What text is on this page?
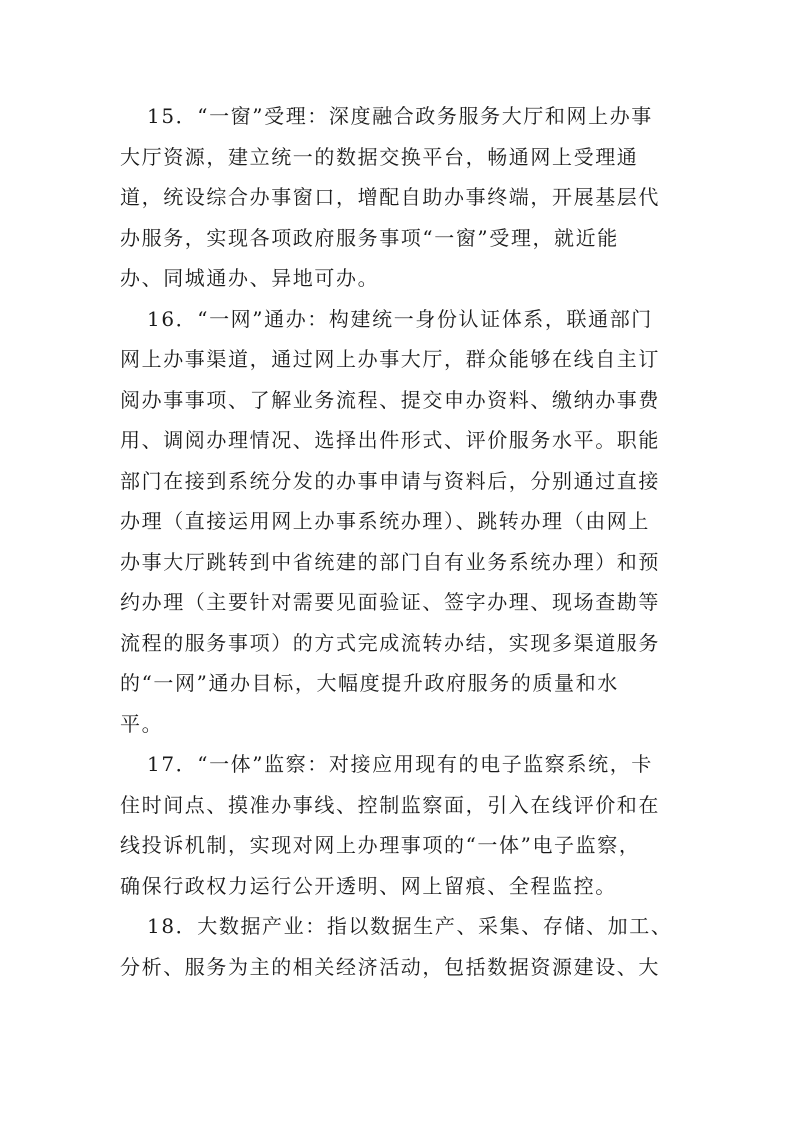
15．“一窗”受理：深度融合政务服务大厅和网上办事
大厅资源，建立统一的数据交换平台，畅通网上受理通
道，统设综合办事窗口，增配自助办事终端，开展基层代
办服务，实现各项政府服务事项“一窗”受理，就近能
办、同城通办、异地可办。
16．“一网”通办：构建统一身份认证体系，联通部门
网上办事渠道，通过网上办事大厅，群众能够在线自主订
阅办事事项、了解业务流程、提交申办资料、缴纳办事费
用、调阅办理情况、选择出件形式、评价服务水平。职能
部门在接到系统分发的办事申请与资料后，分别通过直接
办理（直接运用网上办事系统办理）、跳转办理（由网上
办事大厅跳转到中省统建的部门自有业务系统办理）和预
约办理（主要针对需要见面验证、签字办理、现场查勘等
流程的服务事项）的方式完成流转办结，实现多渠道服务
的“一网”通办目标，大幅度提升政府服务的质量和水
平。
17．“一体”监察：对接应用现有的电子监察系统，卡
住时间点、摸准办事线、控制监察面，引入在线评价和在
线投诉机制，实现对网上办理事项的“一体”电子监察，
确保行政权力运行公开透明、网上留痕、全程监控。
18．大数据产业：指以数据生产、采集、存储、加工、
分析、服务为主的相关经济活动，包括数据资源建设、大
